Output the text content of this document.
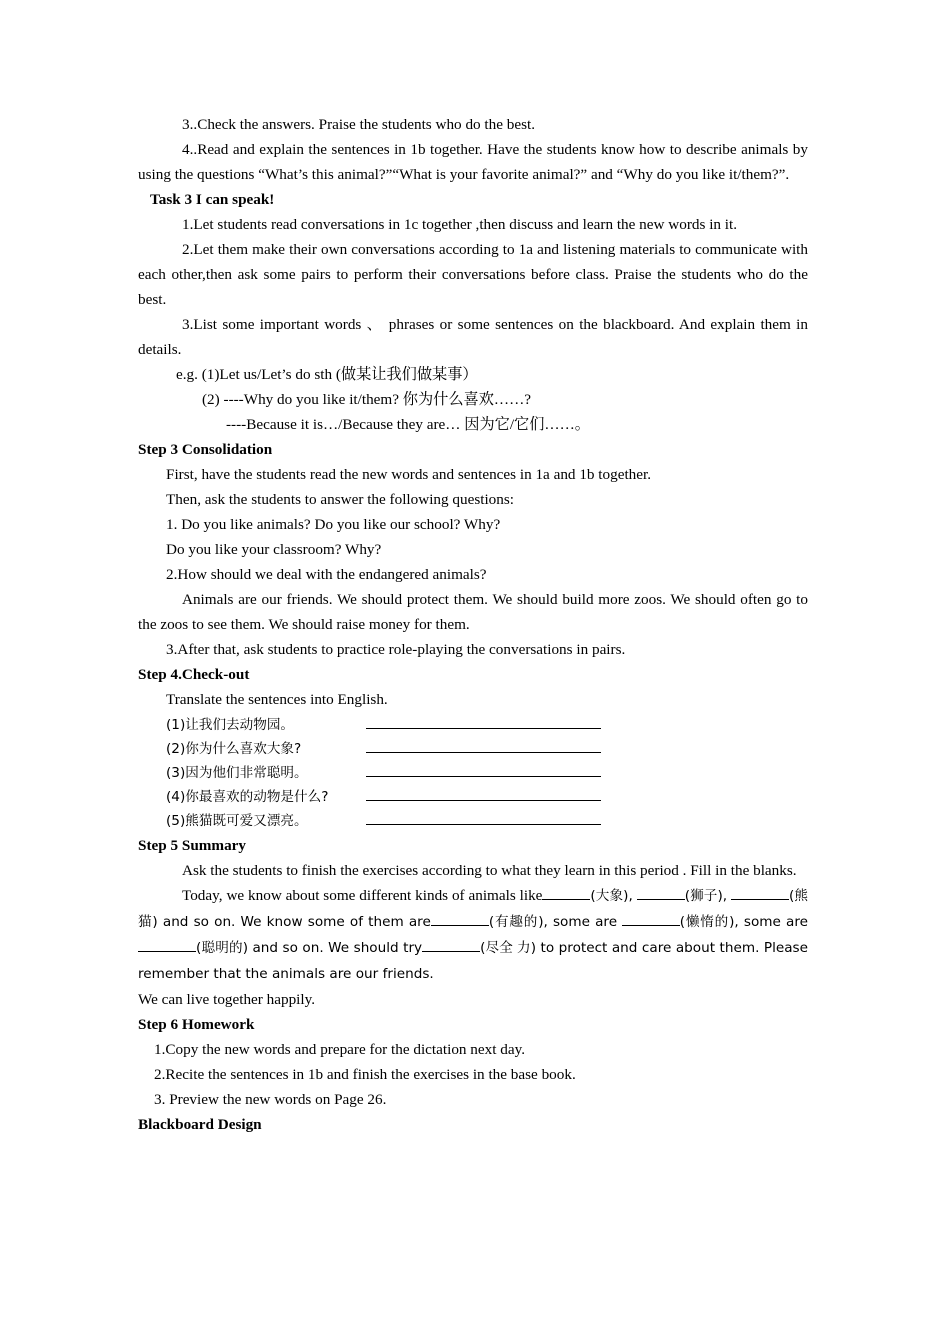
3..Check the answers. Praise the students who do the best.

4..Read and explain the sentences in 1b together. Have the students know how to describe animals by using the questions “What’s this animal?”“What is your favorite animal?” and “Why do you like it/them?”.

Task 3 I can speak!

1.Let students read conversations in 1c together ,then discuss and learn the new words in it.

2.Let them make their own conversations according to 1a and listening materials to communicate with each other,then ask some pairs to perform their conversations before class. Praise the students who do the best.

3.List some important words 、 phrases or some sentences on the blackboard. And explain them in details.

e.g. (1)Let us/Let’s do sth (做某让我们做某事）

(2) ----Why do you like it/them? 你为什么喜欢……?

----Because it is…/Because they are… 因为它/它们……。

Step 3 Consolidation

First, have the students read the new words and sentences in 1a and 1b together.

Then, ask the students to answer the following questions:

1. Do you like animals? Do you like our school? Why?

Do you like your classroom? Why?

2.How should we deal with the endangered animals?

Animals are our friends. We should protect them. We should build more zoos. We should often go to the zoos to see them. We should raise money for them.

3.After that, ask students to practice role-playing the conversations in pairs.

Step 4.Check-out

Translate the sentences into English.

(1)让我们去动物园。
(2)你为什么喜欢大象?
(3)因为他们非常聪明。
(4)你最喜欢的动物是什么?
(5)熊猫既可爱又漂亮。

Step 5 Summary

Ask the students to finish the exercises according to what they learn in this period . Fill in the blanks.

Today, we know about some different kinds of animals like	(大象),	(狮子),	(熊猫) and so on. We know some of them are	(有趣的), some are	(懒惰的), some are (聪明的) and so on. We should try	(尽全 力) to protect and care about them. Please remember that the animals are our friends.

We can live together happily.

Step 6 Homework

1.Copy the new words and prepare for the dictation next day.

2.Recite the sentences in 1b and finish the exercises in the base book.

3. Preview the new words on Page 26.

Blackboard Design
